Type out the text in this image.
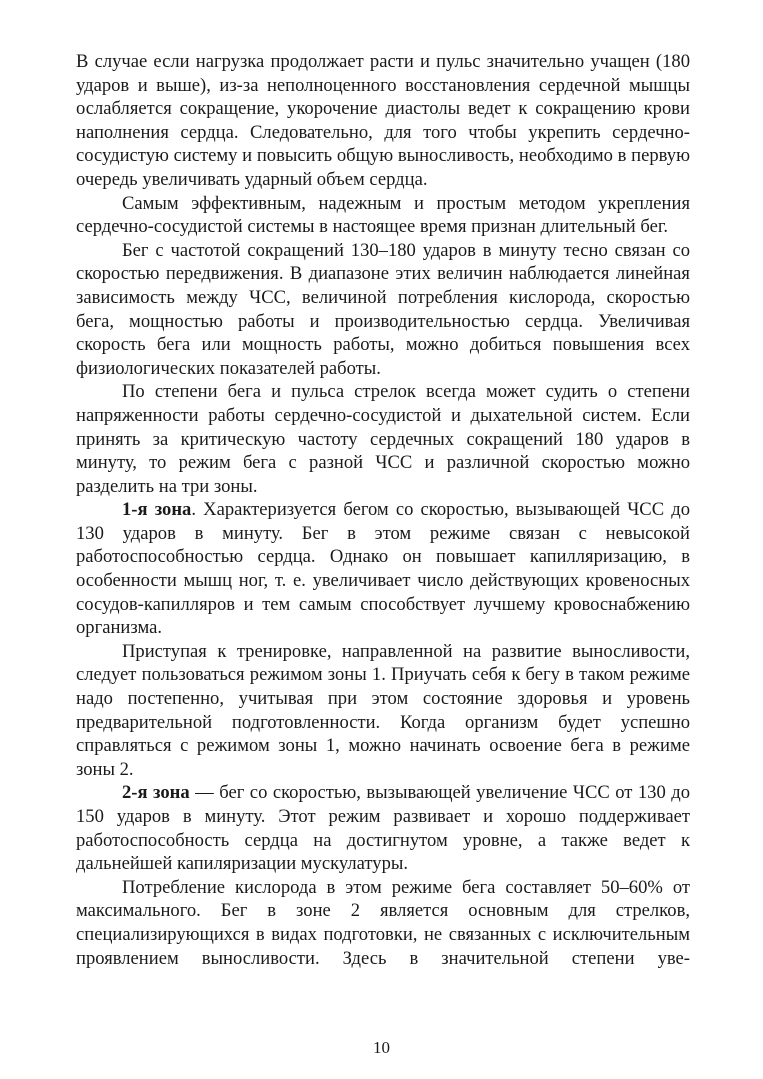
В случае если нагрузка продолжает расти и пульс значительно учащен (180 ударов и выше), из-за неполноценного восстановления сердечной мышцы ослабляется сокращение, укорочение диастолы ведет к сокращению крови наполнения сердца. Следовательно, для того чтобы укрепить сердечно-сосудистую систему и повысить общую выносливость, необходимо в первую очередь увеличивать ударный объем сердца.

Самым эффективным, надежным и простым методом укрепления сердечно-сосудистой системы в настоящее время признан длительный бег.

Бег с частотой сокращений 130–180 ударов в минуту тесно связан со скоростью передвижения. В диапазоне этих величин наблюдается линейная зависимость между ЧСС, величиной потребления кислорода, скоростью бега, мощностью работы и производительностью сердца. Увеличивая скорость бега или мощность работы, можно добиться повышения всех физиологических показателей работы.

По степени бега и пульса стрелок всегда может судить о степени напряженности работы сердечно-сосудистой и дыхательной систем. Если принять за критическую частоту сердечных сокращений 180 ударов в минуту, то режим бега с разной ЧСС и различной скоростью можно разделить на три зоны.

1-я зона. Характеризуется бегом со скоростью, вызывающей ЧСС до 130 ударов в минуту. Бег в этом режиме связан с невысокой работоспособностью сердца. Однако он повышает капилляризацию, в особенности мышц ног, т. е. увеличивает число действующих кровеносных сосудов-капилляров и тем самым способствует лучшему кровоснабжению организма.

Приступая к тренировке, направленной на развитие выносливости, следует пользоваться режимом зоны 1. Приучать себя к бегу в таком режиме надо постепенно, учитывая при этом состояние здоровья и уровень предварительной подготовленности. Когда организм будет успешно справляться с режимом зоны 1, можно начинать освоение бега в режиме зоны 2.

2-я зона — бег со скоростью, вызывающей увеличение ЧСС от 130 до 150 ударов в минуту. Этот режим развивает и хорошо поддерживает работоспособность сердца на достигнутом уровне, а также ведет к дальнейшей капиляризации мускулатуры.

Потребление кислорода в этом режиме бега составляет 50–60% от максимального. Бег в зоне 2 является основным для стрелков, специализирующихся в видах подготовки, не связанных с исключительным проявлением выносливости. Здесь в значительной степени уве-

10
